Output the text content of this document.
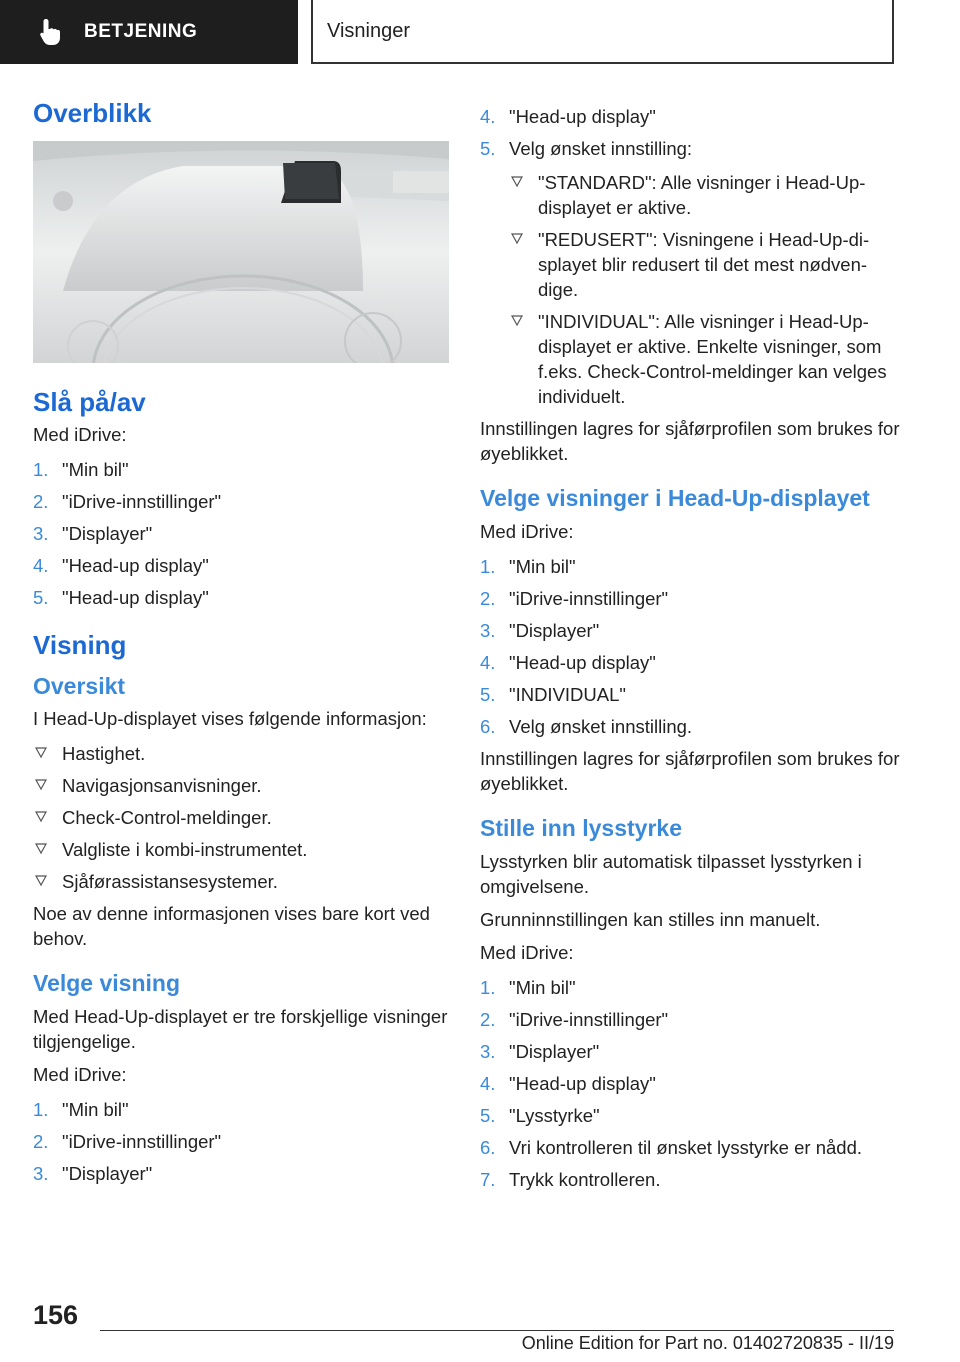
BETJENING	Visninger
Overblikk
Slå på/av

Med iDrive:

1. "Min bil"
2. "iDrive-innstillinger"
3. "Displayer"
4. "Head-up display"
5. "Head-up display"
Visning
Oversikt

I Head-Up-displayet vises følgende informasjon:

Hastighet.
Navigasjonsanvisninger.
Check-Control-meldinger.
Valgliste i kombi-instrumentet.
Sjåførassistansesystemer.

Noe av denne informasjonen vises bare kort ved behov.

Velge visning

Med Head-Up-displayet er tre forskjellige visninger tilgjengelige.

Med iDrive:

1. "Min bil"
2. "iDrive-innstillinger"
3. "Displayer"
4. "Head-up display"
5. Velg ønsket innstilling:
"STANDARD": Alle visninger i Head-Up-displayet er aktive.
"REDUSERT": Visningene i Head-Up-displayet blir redusert til det mest nødvendige.
"INDIVIDUAL": Alle visninger i Head-Up-displayet er aktive. Enkelte visninger, som f.eks. Check-Control-meldinger kan velges individuelt.

Innstillingen lagres for sjåførprofilen som brukes for øyeblikket.

Velge visninger i Head-Up-displayet

Med iDrive:

1. "Min bil"
2. "iDrive-innstillinger"
3. "Displayer"
4. "Head-up display"
5. "INDIVIDUAL"
6. Velg ønsket innstilling.

Innstillingen lagres for sjåførprofilen som brukes for øyeblikket.

Stille inn lysstyrke

Lysstyrken blir automatisk tilpasset lysstyrken i omgivelsene.

Grunninnstillingen kan stilles inn manuelt.

Med iDrive:

1. "Min bil"
2. "iDrive-innstillinger"
3. "Displayer"
4. "Head-up display"
5. "Lysstyrke"
6. Vri kontrolleren til ønsket lysstyrke er nådd.
7. Trykk kontrolleren.
156
Online Edition for Part no. 01402720835 - II/19
